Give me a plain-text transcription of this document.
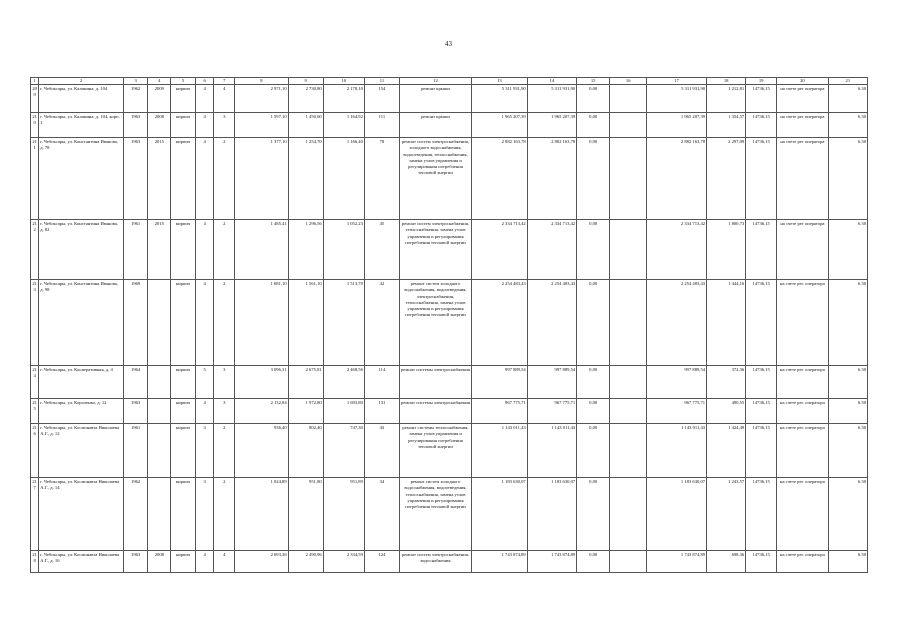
43
1	2	3	4	5	6	7	8	9	10	11	12	13	14	15	16	17	18	19	20	21
209	г. Чебоксары, ул. Калинина, д. 104	1962	2009	кирпич	4	4	2 971,10	2 730,80	2 178,10	154	ремонт крыши	5 311 931,90	5 311 931,90	0,00		5 311 931,90	1 212,81	14736,15	на счете рег оператора	6.30
210	г. Чебоксары, ул. Калинина, д. 104, корп. 1	1963	2008	кирпич	4	3	1 597,10	1 450,60	1 164,92	111	ремонт крыши	1 965 207,39	1 965 207,39	0,00		1 965 207,39	1 354,57	14736,15	на счете рег оператора	6.30
211	г. Чебоксары, ул. Константина Иванова, д. 78	1963	2015	кирпич	4	2	1 377,10	1 254,70	1 166,40	78	ремонт систем электроснабжения, холодного водоснабжения, водоотведения, теплоснабжения, замена узлов управления и регулирования потребления тепловой энергии	2 882 163,78	2 882 163,78	0,00		2 882 163,78	2 297,09	14736,15	на счете рег оператора	6.30
212	г. Чебоксары, ул. Константина Иванова, д. 82	1961	2015	кирпич	4	2	1 485,41	1 296,56	1 052,23	45	ремонт систем электроснабжения, теплоснабжения, замена узлов управления и регулирования потребления тепловой энергии	2 334 713,42	2 334 713,42	0,00		2 334 713,42	1 800,73	14736,15	на счете рег оператора	6.30
213	г. Чебоксары, ул. Константина Иванова, д. 98	1969		кирпич	4	2	1 681,10	1 561,10	1 513,70	42	ремонт систем холодного водоснабжения, водоотведения, электроснабжения, теплоснабжения, замена узлов управления и регулирования потребления тепловой энергии	2 254 483,43	2 254 483,43	0,00		2 254 483,43	1 444,16	14736,15	на счете рег. оператора	6.30
214	г. Чебоксары, ул. Кооперативная, д. 4	1964		кирпич	5	3	3 096,31	2 675,81	2 468,56	114	ремонт системы электроснабжения	997 889,54	997 889,54	0,00		997 889,54	372,36	14736,15	на счете рег. оператора	6.30
215	г. Чебоксары, ул. Короленко, д. 12	1963		кирпич	4	3	2 132,84	1 972,80	1 693,80	131	ремонт системы электроснабжения	967 775,71	967 775,71	0,00		967 775,71	490,55	14736,15	на счете рег. оператора	6.30
216	г. Чебоксары, ул. Космонавта Николаева А.Г., д. 12	1961		кирпич	3	2	936,40	802,40	747,30	43	ремонт системы теплоснабжения, замена узлов управления и регулирования потребления тепловой энергии	1 143 011,43	1 143 011,43	0,00		1 143 011,43	1 424,49	14736,15	на счете рег. оператора	6.30
217	г. Чебоксары, ул. Космонавта Николаева А.Г., д. 14	1962		кирпич	3	2	1 024,89	951,80	951,89	34	ремонт систем холодного водоснабжения, водоотведения, теплоснабжения, замена узлов управления и регулирования потребления тепловой энергии	1 183 630,07	1 183 630,07	0,00		1 183 630,07	1 243,57	14736,15	на счете рег. оператора	6.30
218	г. Чебоксары, ул. Космонавта Николаева А.Г., д. 16	1963	2008	кирпич	4	4	2 693,36	2 490,96	2 334,59	124	ремонт систем электроснабжения, водоснабжения	1 743 874,89	1 743 874,89	0,00		1 743 874,89	698,36	14736,15	на счете рег. оператора	6.30
